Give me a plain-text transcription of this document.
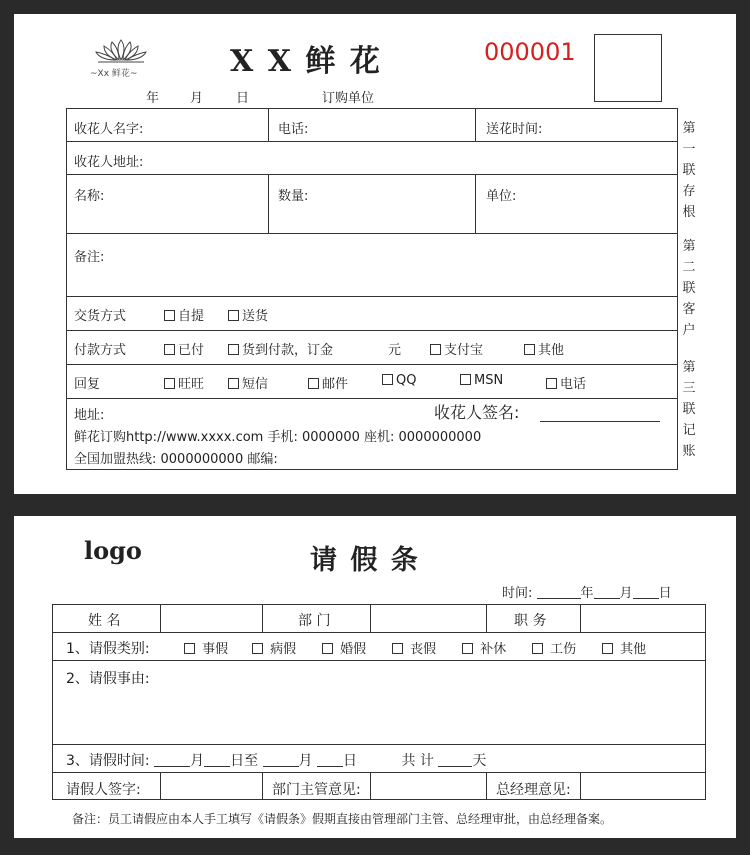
~Xx 鲜花~	X X 鲜 花	000001
年 月	日	订购单位
收花人名字:	电话:	送花时间:
收花人地址:
名称:	数量:	单位:
备注:
交货方式	自提	送货
付款方式	已付	货到付款，订金	元	支付宝	其他
回复	旺旺	短信	邮件	QQ	MSN	电话
地址:	收花人签名:
鲜花订购http://www.xxxx.com 手机: 0000000 座机: 0000000000
全国加盟热线: 0000000000 邮编:
第一联存根
第二联客户
第三联记账
logo	请 假 条
时间:	年 月 日
姓 名	部 门	职 务
1、请假类别:	事假	病假	婚假	丧假	补休	工伤	其他
2、请假事由:
3、请假时间:	月 日至	月 日	共 计	天
请假人签字:	部门主管意见:	总经理意见:
备注：员工请假应由本人手工填写《请假条》假期直接由管理部门主管、总经理审批，由总经理备案。
